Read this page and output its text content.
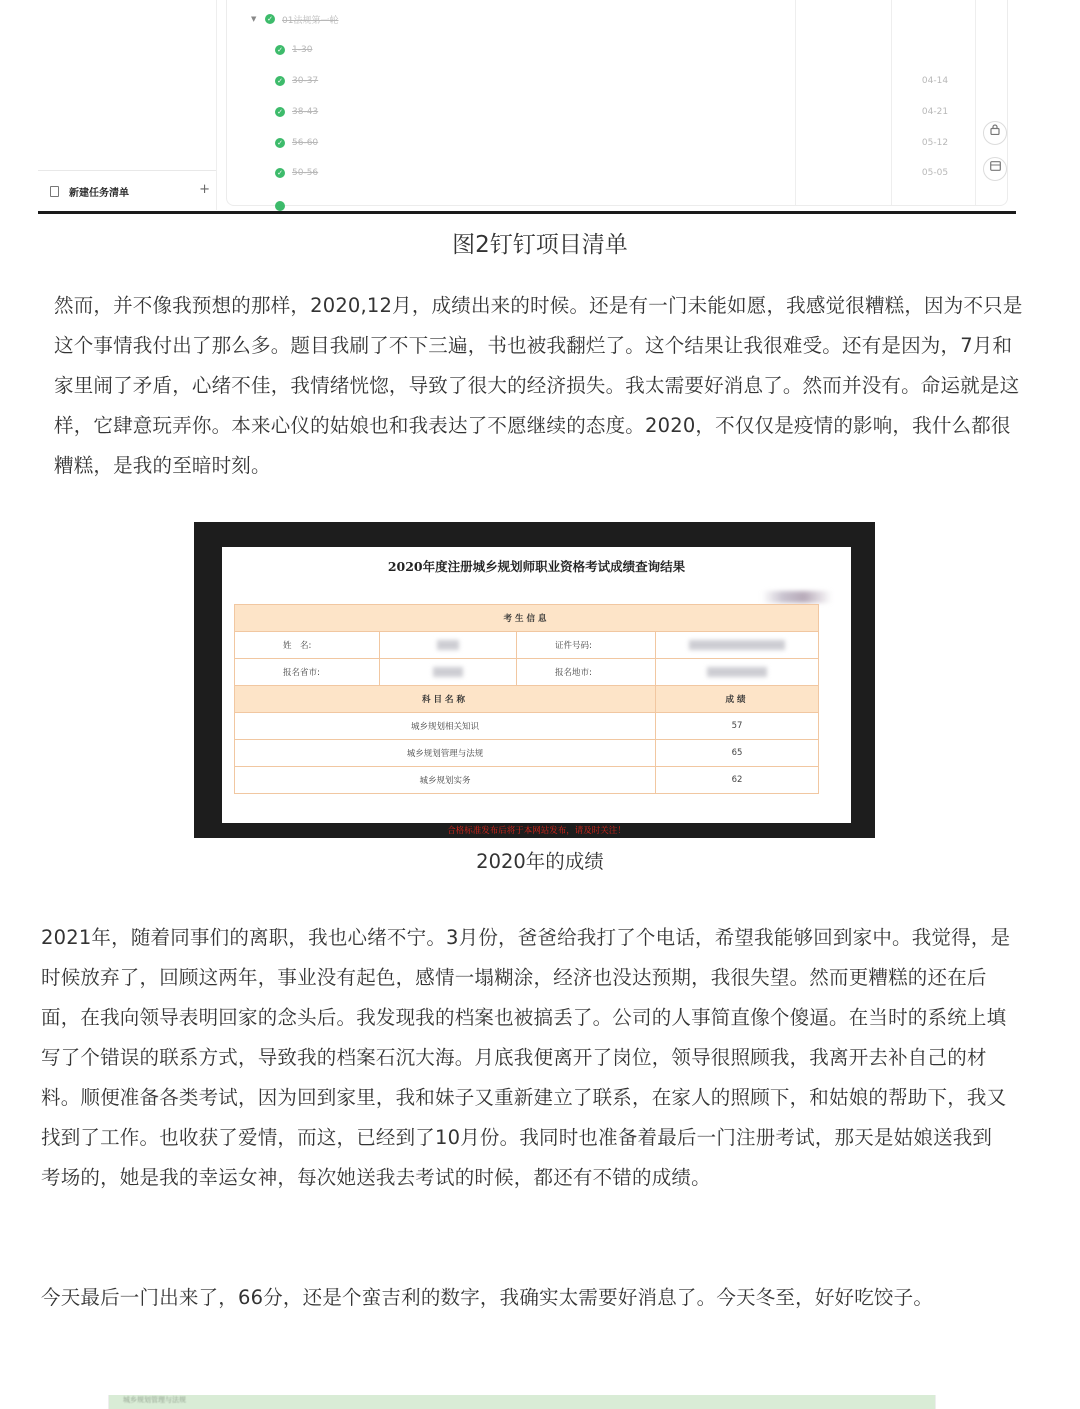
新建任务清单	+
▼ ✓ 01法规第一轮
✓ 1-30
✓ 30-37	04-14
✓ 38-43	04-21
✓ 56-60	05-12
✓ 50-56	05-05
图2钉钉项目清单

然而，并不像我预想的那样，2020,12月，成绩出来的时候。还是有一门未能如愿，我感觉很糟糕，因为不只是这个事情我付出了那么多。题目我刷了不下三遍，书也被我翻烂了。这个结果让我很难受。还有是因为，7月和家里闹了矛盾，心绪不佳，我情绪恍惚，导致了很大的经济损失。我太需要好消息了。然而并没有。命运就是这样，它肆意玩弄你。本来心仪的姑娘也和我表达了不愿继续的态度。2020，不仅仅是疫情的影响，我什么都很糟糕，是我的至暗时刻。

2020年度注册城乡规划师职业资格考试成绩查询结果
考生信息			
姓　名:		证件号码:	
报名省市:		报名地市:	
科目名称			成绩
城乡规划相关知识			57
城乡规划管理与法规			65
城乡规划实务			62
合格标准发布后将于本网站发布，请及时关注！
2020年的成绩

2021年，随着同事们的离职，我也心绪不宁。3月份，爸爸给我打了个电话，希望我能够回到家中。我觉得，是时候放弃了，回顾这两年，事业没有起色，感情一塌糊涂，经济也没达预期，我很失望。然而更糟糕的还在后面，在我向领导表明回家的念头后。我发现我的档案也被搞丢了。公司的人事简直像个傻逼。在当时的系统上填写了个错误的联系方式，导致我的档案石沉大海。月底我便离开了岗位，领导很照顾我，我离开去补自己的材料。顺便准备各类考试，因为回到家里，我和妹子又重新建立了联系，在家人的照顾下，和姑娘的帮助下，我又找到了工作。也收获了爱情，而这，已经到了10月份。我同时也准备着最后一门注册考试，那天是姑娘送我到考场的，她是我的幸运女神，每次她送我去考试的时候，都还有不错的成绩。

今天最后一门出来了，66分，还是个蛮吉利的数字，我确实太需要好消息了。今天冬至，好好吃饺子。

城乡规划管理与法规
